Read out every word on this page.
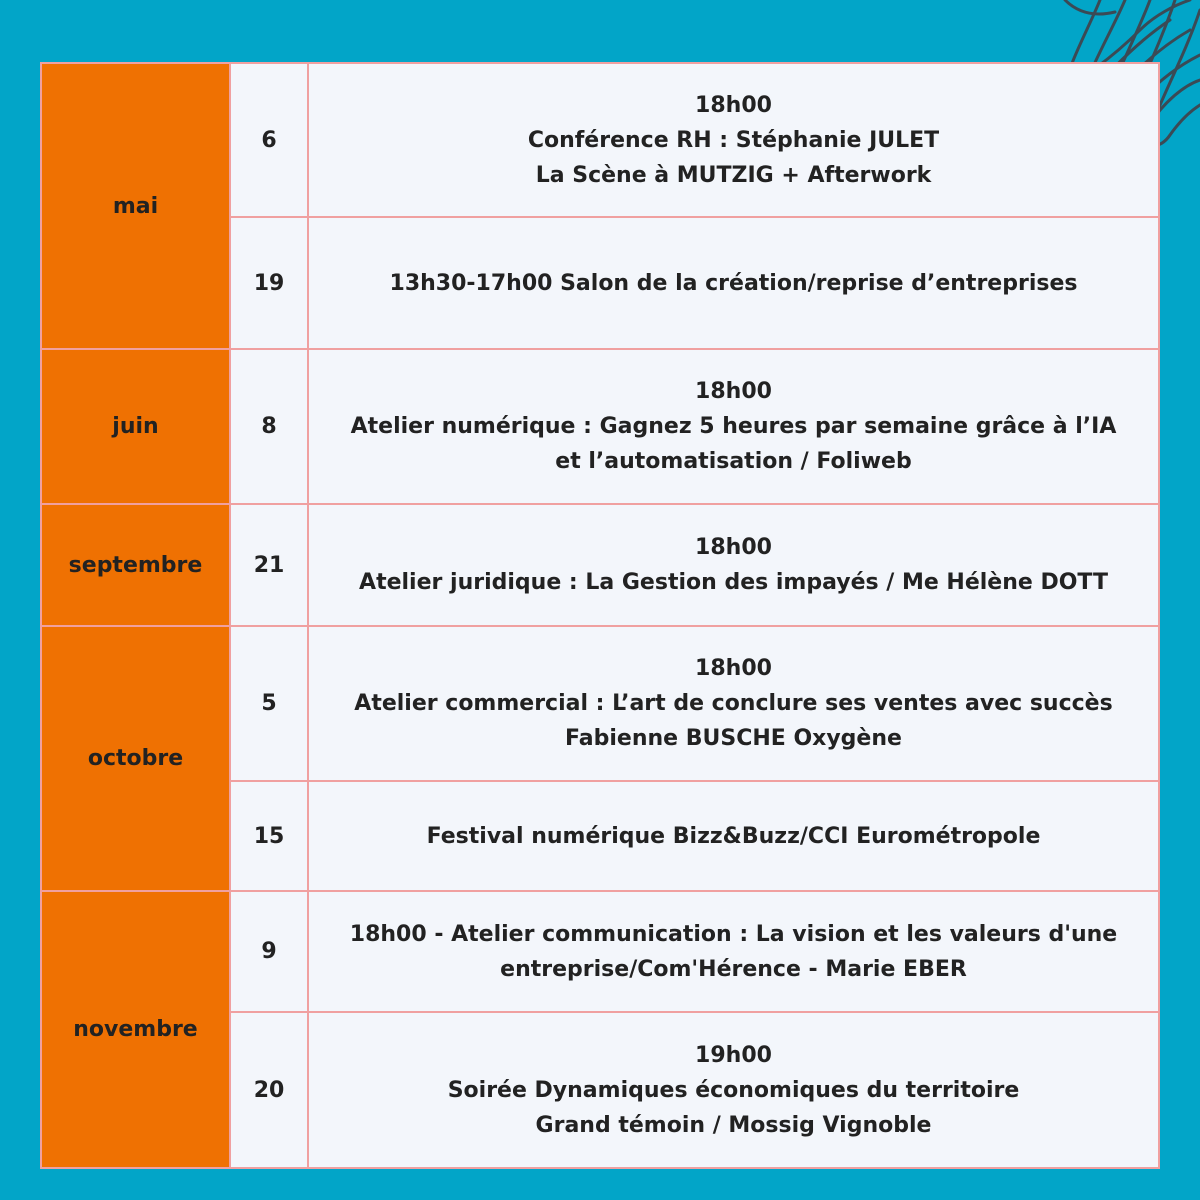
mai	6	18h00
Conférence RH : Stéphanie JULET
La Scène à MUTZIG + Afterwork

	19	13h30-17h00 Salon de la création/reprise d’entreprises

juin	8	18h00
Atelier numérique : Gagnez 5 heures par semaine grâce à l’IA
et l’automatisation / Foliweb

septembre	21	18h00
Atelier juridique : La Gestion des impayés / Me Hélène DOTT

octobre	5	18h00
Atelier commercial : L’art de conclure ses ventes avec succès
Fabienne BUSCHE Oxygène

	15	Festival numérique Bizz&Buzz/CCI Eurométropole

novembre	9	18h00 - Atelier communication : La vision et les valeurs d'une
entreprise/Com'Hérence - Marie EBER

	20	19h00
Soirée Dynamiques économiques du territoire
Grand témoin / Mossig Vignoble
